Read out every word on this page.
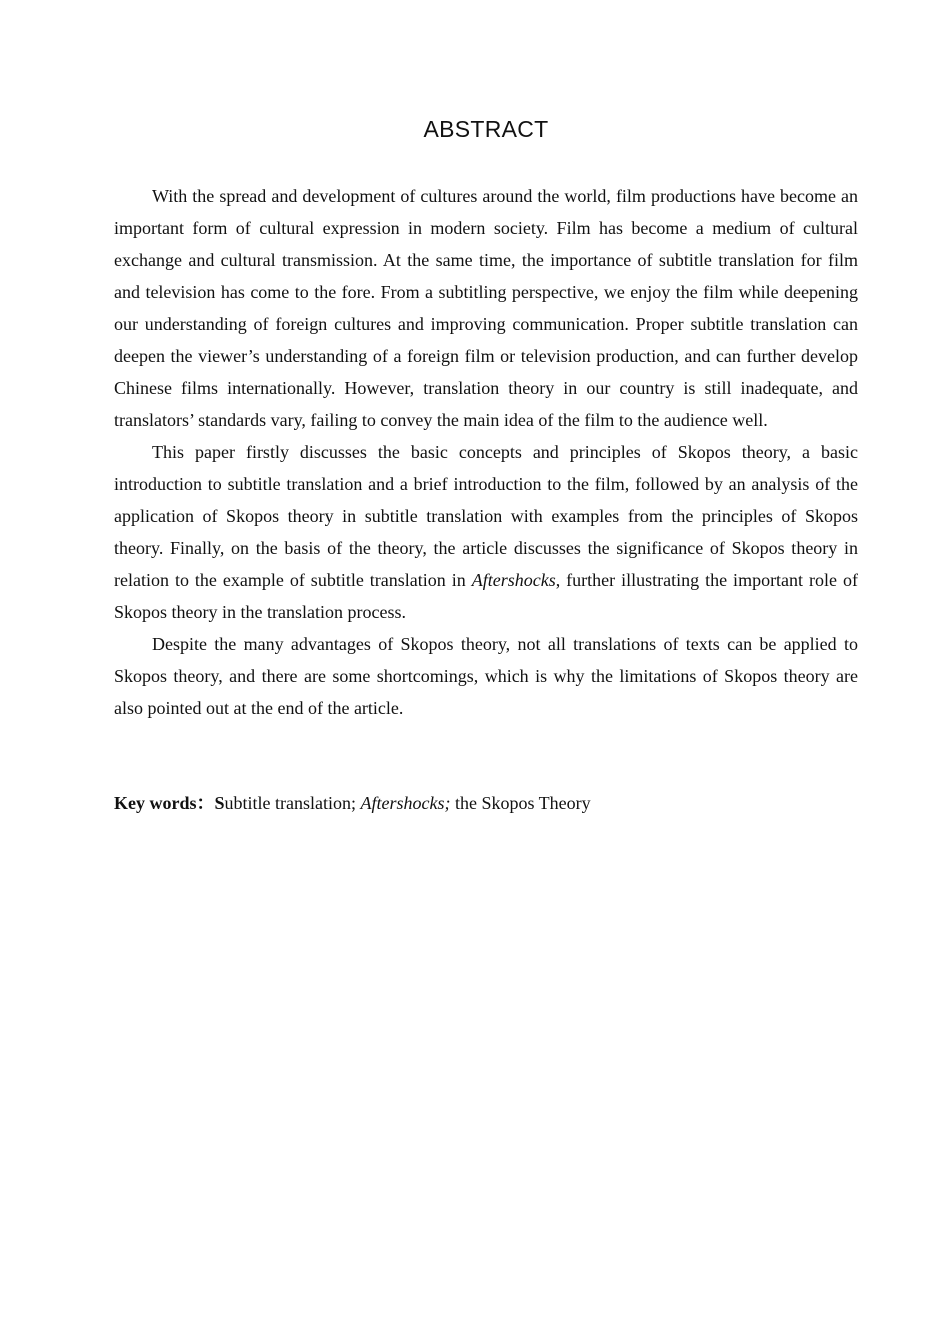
ABSTRACT

With the spread and development of cultures around the world, film productions have become an important form of cultural expression in modern society. Film has become a medium of cultural exchange and cultural transmission. At the same time, the importance of subtitle translation for film and television has come to the fore. From a subtitling perspective, we enjoy the film while deepening our understanding of foreign cultures and improving communication. Proper subtitle translation can deepen the viewer’s understanding of a foreign film or television production, and can further develop Chinese films internationally. However, translation theory in our country is still inadequate, and translators’ standards vary, failing to convey the main idea of the film to the audience well.

This paper firstly discusses the basic concepts and principles of Skopos theory, a basic introduction to subtitle translation and a brief introduction to the film, followed by an analysis of the application of Skopos theory in subtitle translation with examples from the principles of Skopos theory. Finally, on the basis of the theory, the article discusses the significance of Skopos theory in relation to the example of subtitle translation in Aftershocks, further illustrating the important role of Skopos theory in the translation process.

Despite the many advantages of Skopos theory, not all translations of texts can be applied to Skopos theory, and there are some shortcomings, which is why the limitations of Skopos theory are also pointed out at the end of the article.

Key words：Subtitle translation; Aftershocks; the Skopos Theory
